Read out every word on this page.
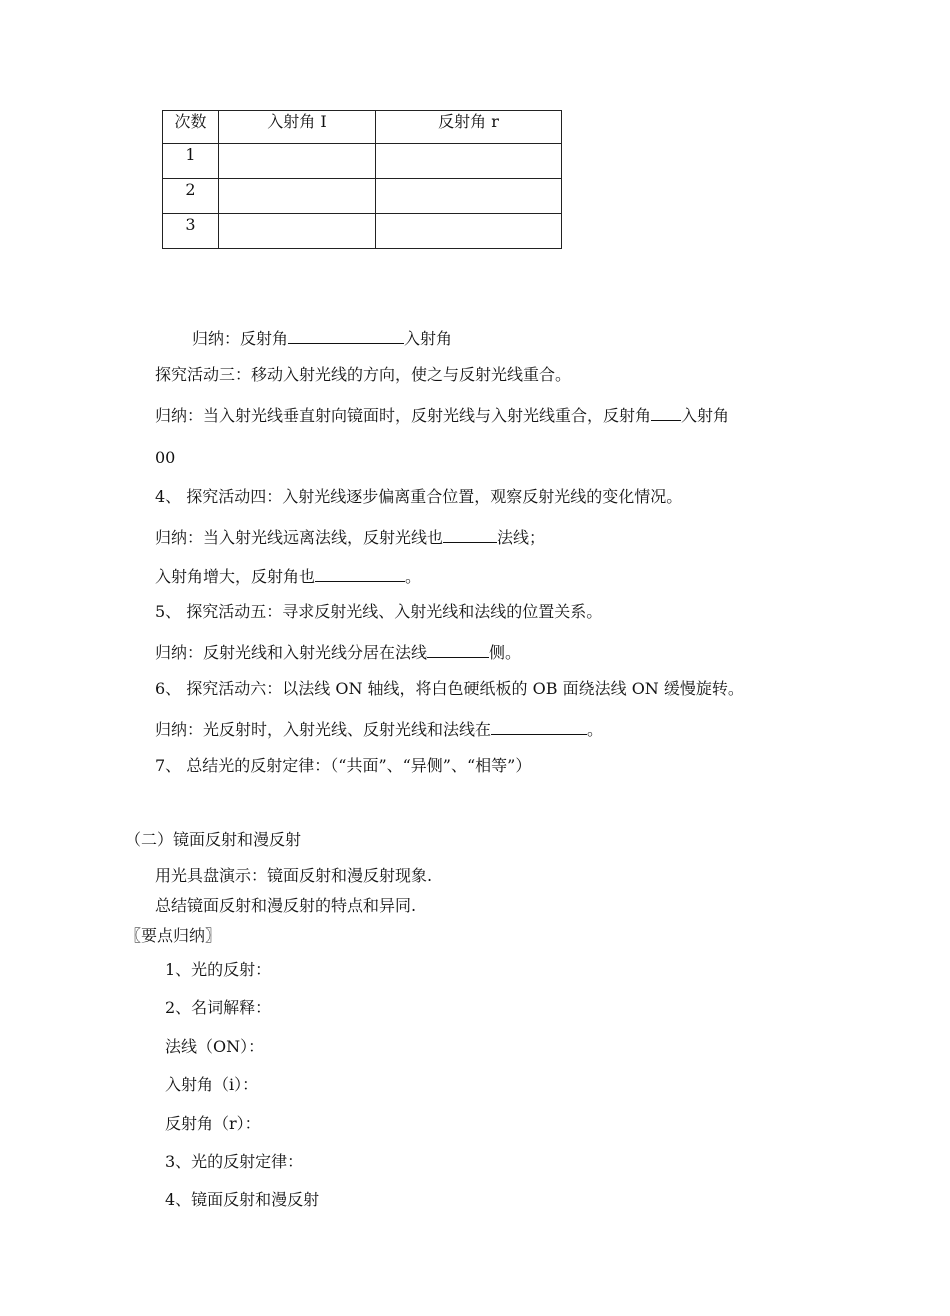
次数	入射角 I	反射角 r
1		
2		
3		
归纳：反射角	入射角
探究活动三：移动入射光线的方向，使之与反射光线重合。
归纳：当入射光线垂直射向镜面时，反射光线与入射光线重合，反射角 入射角
00
4、 探究活动四：入射光线逐步偏离重合位置，观察反射光线的变化情况。
归纳：当入射光线远离法线，反射光线也	法线；
入射角增大，反射角也	。
5、 探究活动五：寻求反射光线、入射光线和法线的位置关系。
归纳：反射光线和入射光线分居在法线	侧。
6、 探究活动六：以法线 ON 轴线，将白色硬纸板的 OB 面绕法线 ON 缓慢旋转。
归纳：光反射时，入射光线、反射光线和法线在	。
7、 总结光的反射定律：（“共面”、“异侧”、“相等”）
（二）镜面反射和漫反射
用光具盘演示：镜面反射和漫反射现象.
总结镜面反射和漫反射的特点和异同.
〖要点归纳〗
1、光的反射：
2、名词解释：
法线（ON）：
入射角（i）：
反射角（r）：
3、光的反射定律：
4、镜面反射和漫反射
